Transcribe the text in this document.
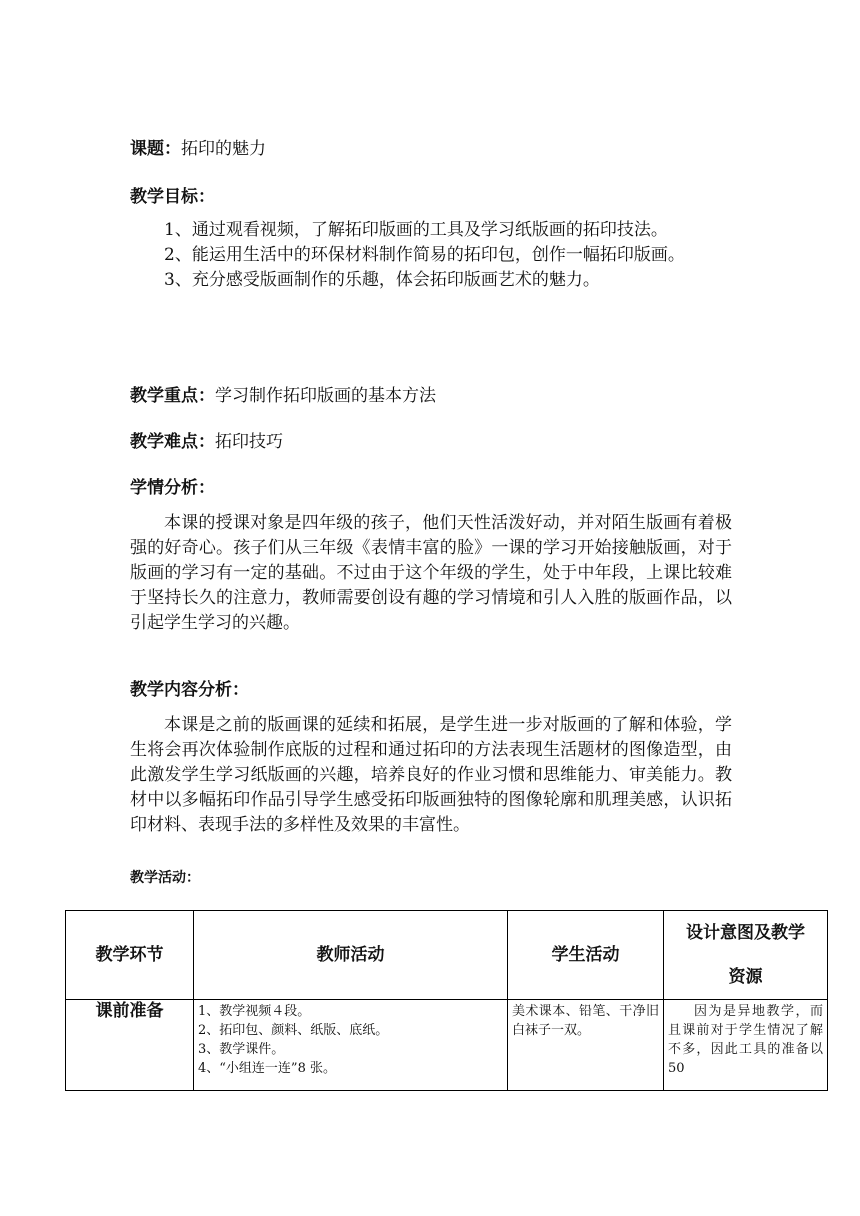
课题：拓印的魅力
教学目标：

1、通过观看视频，了解拓印版画的工具及学习纸版画的拓印技法。

2、能运用生活中的环保材料制作简易的拓印包，创作一幅拓印版画。

3、充分感受版画制作的乐趣，体会拓印版画艺术的魅力。

教学重点：学习制作拓印版画的基本方法
教学难点：拓印技巧
学情分析：

本课的授课对象是四年级的孩子，他们天性活泼好动，并对陌生版画有着极强的好奇心。孩子们从三年级《表情丰富的脸》一课的学习开始接触版画，对于版画的学习有一定的基础。不过由于这个年级的学生，处于中年段，上课比较难于坚持长久的注意力，教师需要创设有趣的学习情境和引人入胜的版画作品，以引起学生学习的兴趣。

教学内容分析：

本课是之前的版画课的延续和拓展，是学生进一步对版画的了解和体验，学生将会再次体验制作底版的过程和通过拓印的方法表现生活题材的图像造型，由此激发学生学习纸版画的兴趣，培养良好的作业习惯和思维能力、审美能力。教材中以多幅拓印作品引导学生感受拓印版画独特的图像轮廓和肌理美感，认识拓印材料、表现手法的多样性及效果的丰富性。

教学活动：
教学环节	教师活动	学生活动	设计意图及教学
资源

课前准备	1、教学视频４段。
2、拓印包、颜料、纸版、底纸。
3、教学课件。
4、“小组连一连”8 张。	美术课本、铅笔、干净旧白袜子一双。	因为是异地教学，而且课前对于学生情况了解不多，因此工具的准备以 50
